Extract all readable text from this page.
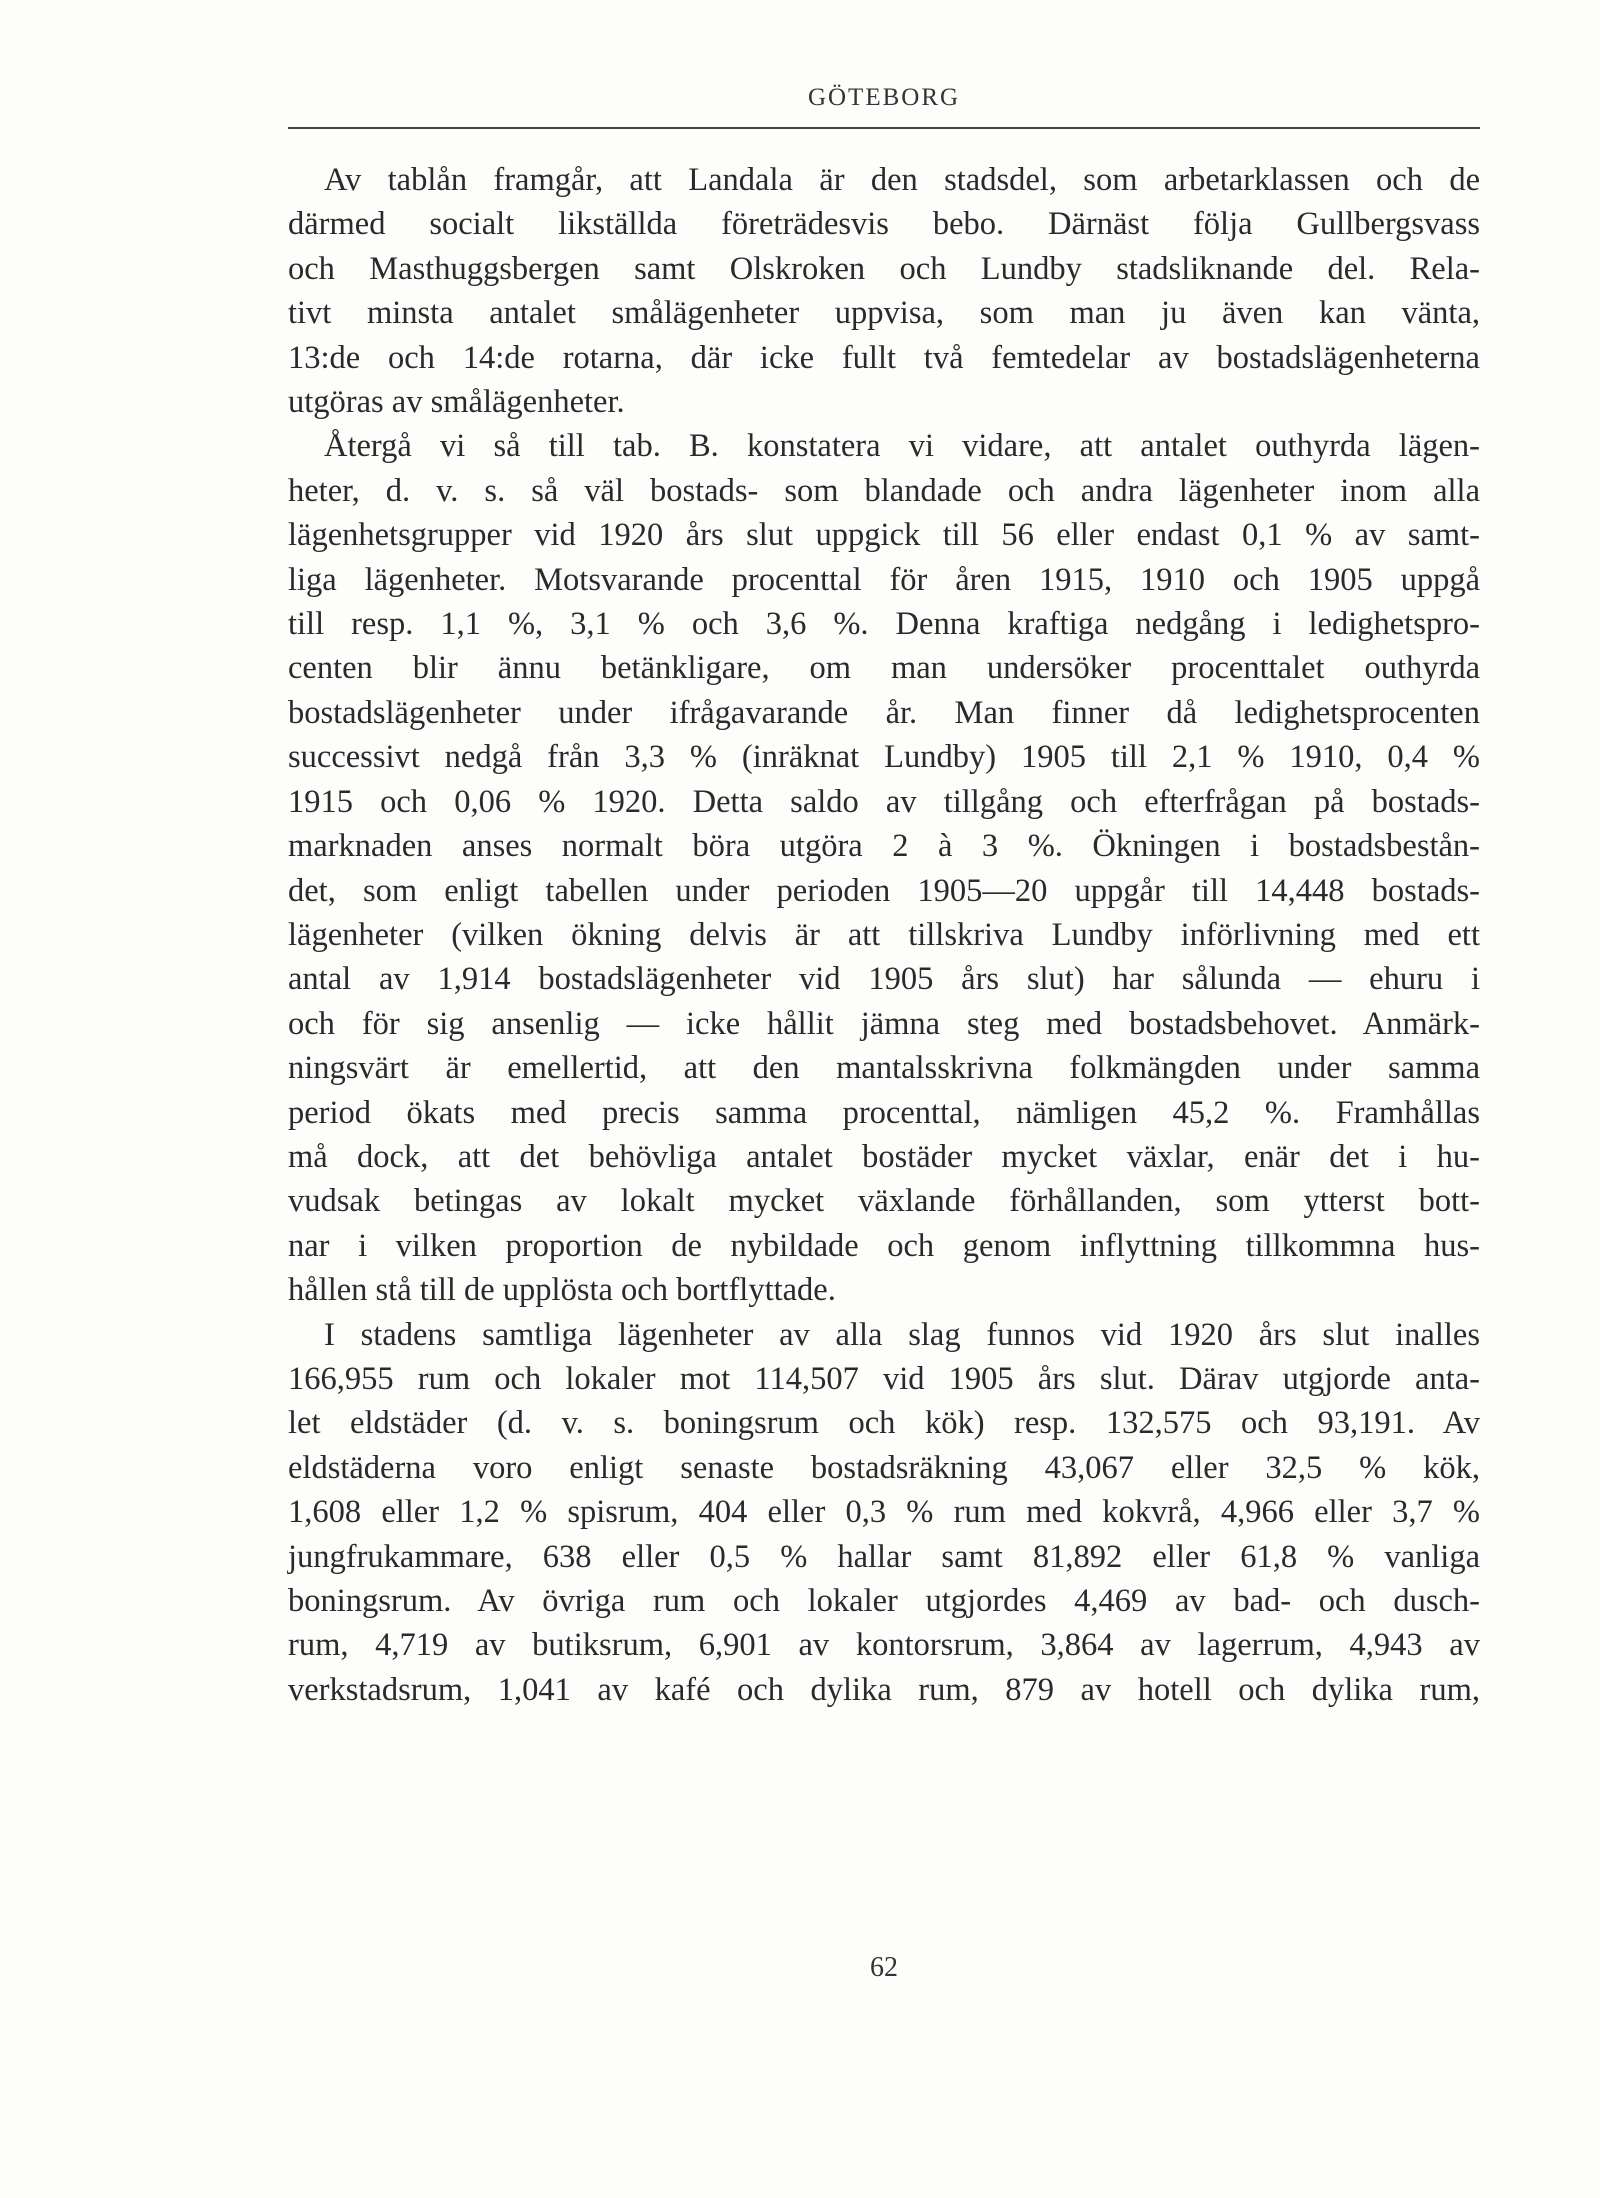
GÖTEBORG

Av tablån framgår, att Landala är den stadsdel, som arbetarklassen och de
därmed socialt likställda företrädesvis bebo. Därnäst följa Gullbergsvass
och Masthuggsbergen samt Olskroken och Lundby stadsliknande del. Rela-
tivt minsta antalet smålägenheter uppvisa, som man ju även kan vänta,
13:de och 14:de rotarna, där icke fullt två femtedelar av bostadslägenheterna
utgöras av smålägenheter.

Återgå vi så till tab. B. konstatera vi vidare, att antalet outhyrda lägen-
heter, d. v. s. så väl bostads- som blandade och andra lägenheter inom alla
lägenhetsgrupper vid 1920 års slut uppgick till 56 eller endast 0,1 % av samt-
liga lägenheter. Motsvarande procenttal för åren 1915, 1910 och 1905 uppgå
till resp. 1,1 %, 3,1 % och 3,6 %. Denna kraftiga nedgång i ledighetspro-
centen blir ännu betänkligare, om man undersöker procenttalet outhyrda
bostadslägenheter under ifrågavarande år. Man finner då ledighetsprocenten
successivt nedgå från 3,3 % (inräknat Lundby) 1905 till 2,1 % 1910, 0,4 %
1915 och 0,06 % 1920. Detta saldo av tillgång och efterfrågan på bostads-
marknaden anses normalt böra utgöra 2 à 3 %. Ökningen i bostadsbestån-
det, som enligt tabellen under perioden 1905—20 uppgår till 14,448 bostads-
lägenheter (vilken ökning delvis är att tillskriva Lundby införlivning med ett
antal av 1,914 bostadslägenheter vid 1905 års slut) har sålunda — ehuru i
och för sig ansenlig — icke hållit jämna steg med bostadsbehovet. Anmärk-
ningsvärt är emellertid, att den mantalsskrivna folkmängden under samma
period ökats med precis samma procenttal, nämligen 45,2 %. Framhållas
må dock, att det behövliga antalet bostäder mycket växlar, enär det i hu-
vudsak betingas av lokalt mycket växlande förhållanden, som ytterst bott-
nar i vilken proportion de nybildade och genom inflyttning tillkommna hus-
hållen stå till de upplösta och bortflyttade.

I stadens samtliga lägenheter av alla slag funnos vid 1920 års slut inalles
166,955 rum och lokaler mot 114,507 vid 1905 års slut. Därav utgjorde anta-
let eldstäder (d. v. s. boningsrum och kök) resp. 132,575 och 93,191. Av
eldstäderna voro enligt senaste bostadsräkning 43,067 eller 32,5 % kök,
1,608 eller 1,2 % spisrum, 404 eller 0,3 % rum med kokvrå, 4,966 eller 3,7 %
jungfrukammare, 638 eller 0,5 % hallar samt 81,892 eller 61,8 % vanliga
boningsrum. Av övriga rum och lokaler utgjordes 4,469 av bad- och dusch-
rum, 4,719 av butiksrum, 6,901 av kontorsrum, 3,864 av lagerrum, 4,943 av
verkstadsrum, 1,041 av kafé och dylika rum, 879 av hotell och dylika rum,

62
